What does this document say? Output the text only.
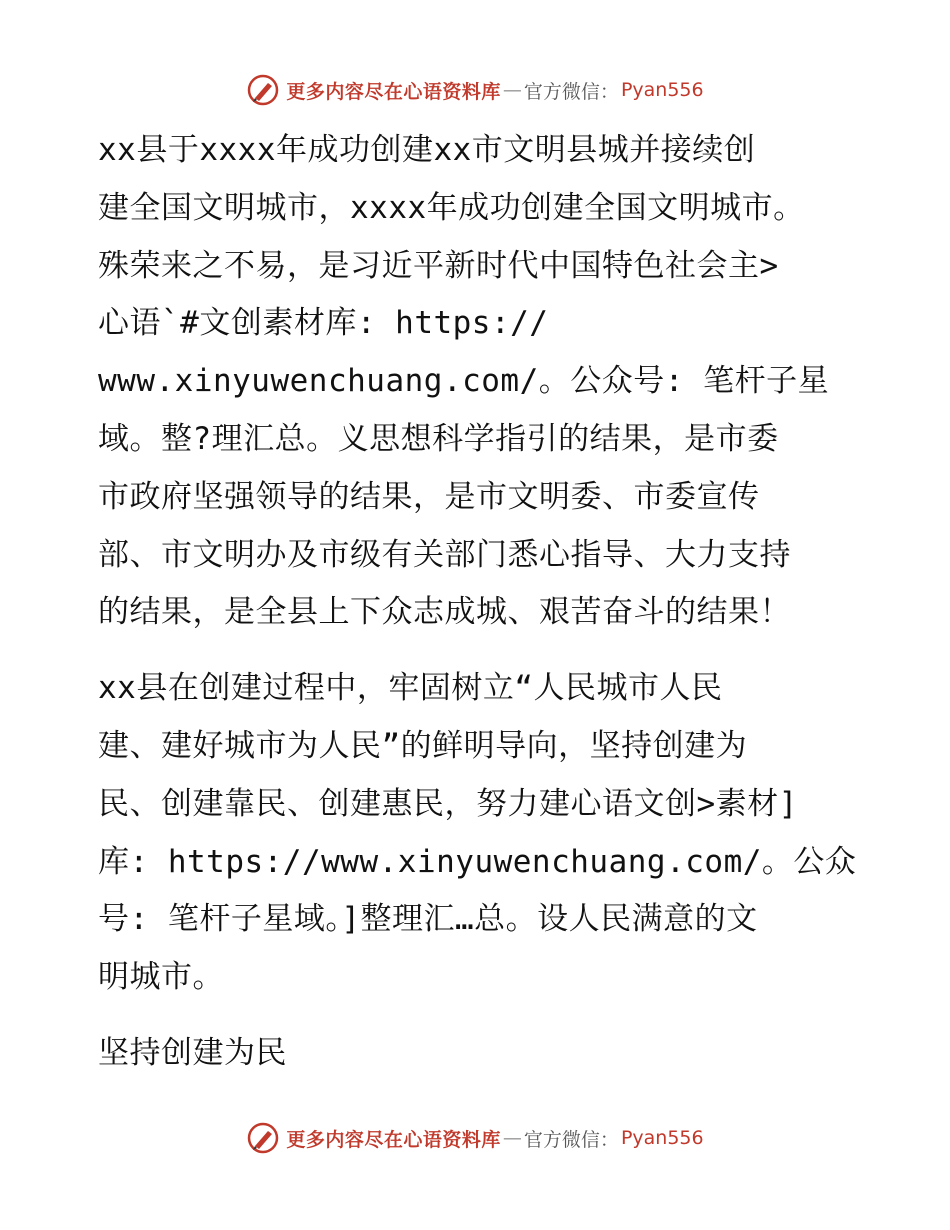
更多内容尽在心语资料库 — 官方微信： Pyan556
xx县于xxxx年成功创建xx市文明县城并接续创
建全国文明城市，xxxx年成功创建全国文明城市。
殊荣来之不易，是习近平新时代中国特色社会主>
心语`#文创素材库: https://
www.xinyuwenchuang.com/。公众号: 笔杆子星
域。整?理汇总。义思想科学指引的结果，是市委
市政府坚强领导的结果，是市文明委、市委宣传
部、市文明办及市级有关部门悉心指导、大力支持
的结果，是全县上下众志成城、艰苦奋斗的结果！
xx县在创建过程中，牢固树立“人民城市人民
建、建好城市为人民”的鲜明导向，坚持创建为
民、创建靠民、创建惠民，努力建心语文创>素材]
库: https://www.xinyuwenchuang.com/。公众
号: 笔杆子星域。]整理汇…总。设人民满意的文
明城市。
坚持创建为民
更多内容尽在心语资料库 — 官方微信： Pyan556
